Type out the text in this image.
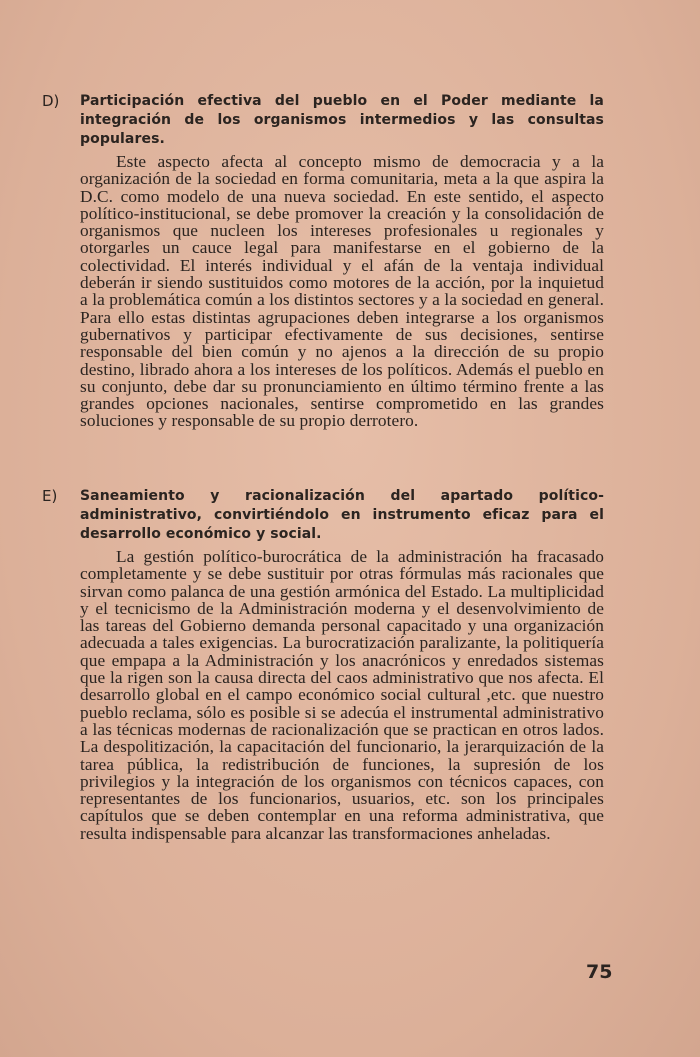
D) Participación efectiva del pueblo en el Poder mediante la integración de los organismos intermedios y las consultas populares.

Este aspecto afecta al concepto mismo de democracia y a la organización de la sociedad en forma comunitaria, meta a la que aspira la D.C. como modelo de una nueva sociedad. En este sentido, el aspecto político-institucional, se debe promover la creación y la consolidación de organismos que nucleen los intereses profesionales u regionales y otorgarles un cauce legal para manifestarse en el gobierno de la colectividad. El interés individual y el afán de la ventaja individual deberán ir siendo sustituidos como motores de la acción, por la inquietud a la problemática común a los distintos sectores y a la sociedad en general. Para ello estas distintas agrupaciones deben integrarse a los organismos gubernativos y participar efectivamente de sus decisiones, sentirse responsable del bien común y no ajenos a la dirección de su propio destino, librado ahora a los intereses de los políticos. Además el pueblo en su conjunto, debe dar su pronunciamiento en último término frente a las grandes opciones nacionales, sentirse comprometido en las grandes soluciones y responsable de su propio derrotero.

E) Saneamiento y racionalización del apartado político-administrativo, convirtiéndolo en instrumento eficaz para el desarrollo económico y social.

La gestión político-burocrática de la administración ha fracasado completamente y se debe sustituir por otras fórmulas más racionales que sirvan como palanca de una gestión armónica del Estado. La multiplicidad y el tecnicismo de la Administración moderna y el desenvolvimiento de las tareas del Gobierno demanda personal capacitado y una organización adecuada a tales exigencias. La burocratización paralizante, la politiquería que empapa a la Administración y los anacrónicos y enredados sistemas que la rigen son la causa directa del caos administrativo que nos afecta. El desarrollo global en el campo económico social cultural ,etc. que nuestro pueblo reclama, sólo es posible si se adecúa el instrumental administrativo a las técnicas modernas de racionalización que se practican en otros lados. La despolitización, la capacitación del funcionario, la jerarquización de la tarea pública, la redistribución de funciones, la supresión de los privilegios y la integración de los organismos con técnicos capaces, con representantes de los funcionarios, usuarios, etc. son los principales capítulos que se deben contemplar en una reforma administrativa, que resulta indispensable para alcanzar las transformaciones anheladas.

75
